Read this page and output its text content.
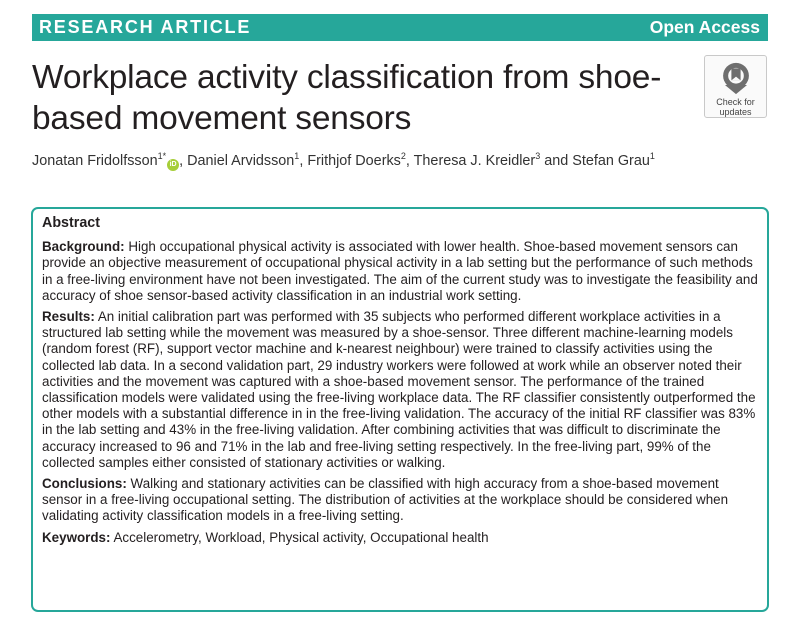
RESEARCH ARTICLE	Open Access
Workplace activity classification from shoe-based movement sensors	Check for
updates
Jonatan Fridolfsson$^{1*}$iD , Daniel Arvidsson$^1$, Frithjof Doerks$^2$, Theresa J. Kreidler$^3$ and Stefan Grau$^1$
Abstract

Background: High occupational physical activity is associated with lower health. Shoe-based movement sensors can provide an objective measurement of occupational physical activity in a lab setting but the performance of such methods in a free-living environment have not been investigated. The aim of the current study was to investigate the feasibility and accuracy of shoe sensor-based activity classification in an industrial work setting.

Results: An initial calibration part was performed with 35 subjects who performed different workplace activities in a structured lab setting while the movement was measured by a shoe-sensor. Three different machine-learning models (random forest (RF), support vector machine and k-nearest neighbour) were trained to classify activities using the collected lab data. In a second validation part, 29 industry workers were followed at work while an observer noted their activities and the movement was captured with a shoe-based movement sensor. The performance of the trained classification models were validated using the free-living workplace data. The RF classifier consistently outperformed the other models with a substantial difference in in the free-living validation. The accuracy of the initial RF classifier was 83% in the lab setting and 43% in the free-living validation. After combining activities that was difficult to discriminate the accuracy increased to 96 and 71% in the lab and free-living setting respectively. In the free-living part, 99% of the collected samples either consisted of stationary activities or walking.

Conclusions: Walking and stationary activities can be classified with high accuracy from a shoe-based movement sensor in a free-living occupational setting. The distribution of activities at the workplace should be considered when validating activity classification models in a free-living setting.

Keywords: Accelerometry, Workload, Physical activity, Occupational health
